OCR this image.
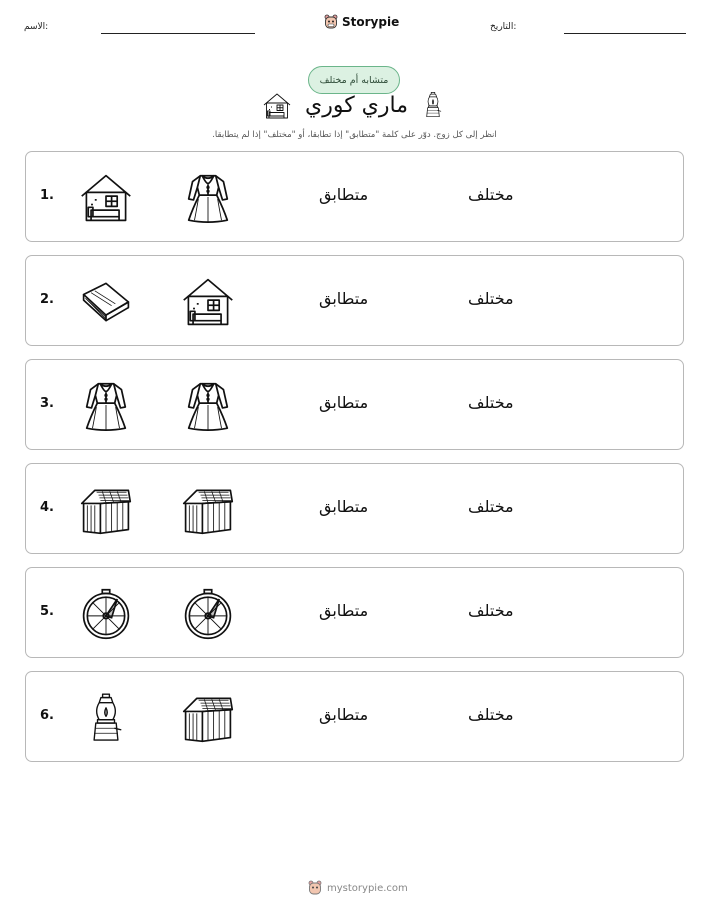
الاسم:	Storypie	التاريخ:
متشابه أم مختلف
ماري كوري
انظر إلى كل زوج. دوّر على كلمة "متطابق" إذا تطابقا، أو "مختلف" إذا لم يتطابقا.
1.	متطابق	مختلف
2.	متطابق	مختلف
3.	متطابق	مختلف
4.	متطابق	مختلف
5.	متطابق	مختلف
6.	متطابق	مختلف
mystorypie.com
